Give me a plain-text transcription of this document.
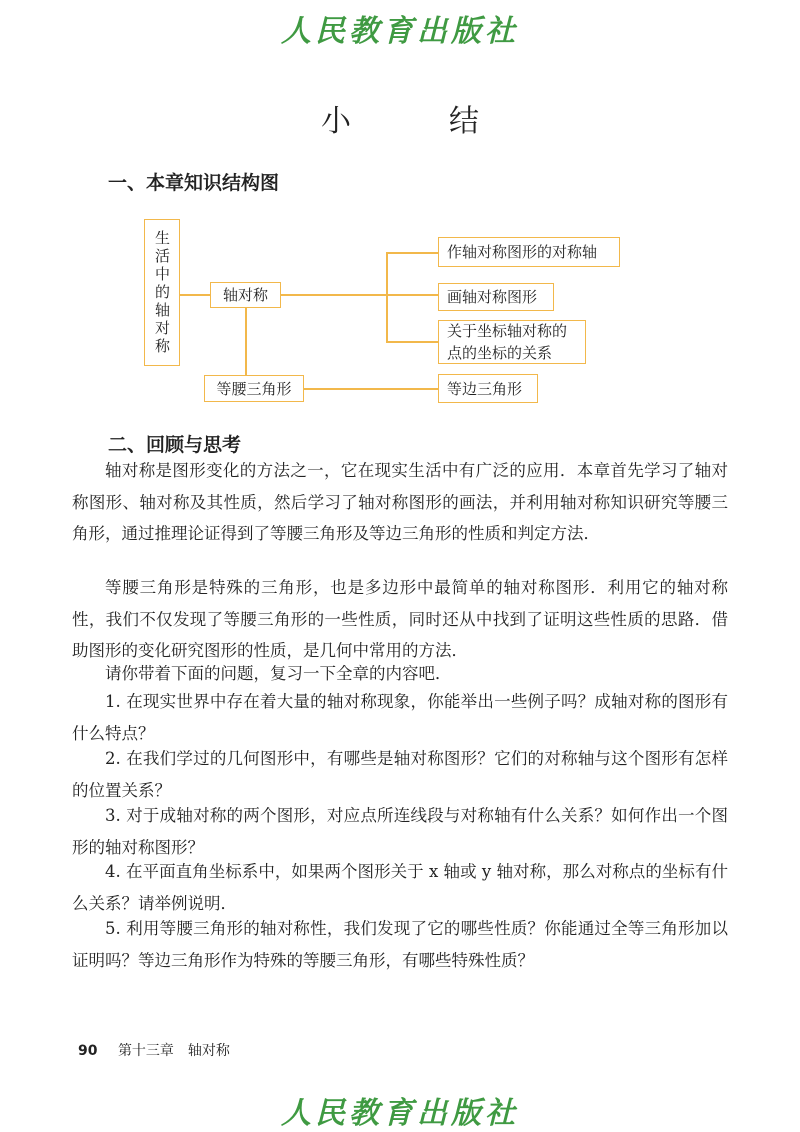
人民教育出版社
小　结
一、本章知识结构图
生活中的轴对称	轴对称
等腰三角形
作轴对称图形的对称轴
画轴对称图形
关于坐标轴对称的
点的坐标的关系
等边三角形
二、回顾与思考

轴对称是图形变化的方法之一，它在现实生活中有广泛的应用．本章首先学习了轴对称图形、轴对称及其性质，然后学习了轴对称图形的画法，并利用轴对称知识研究等腰三角形，通过推理论证得到了等腰三角形及等边三角形的性质和判定方法．

等腰三角形是特殊的三角形，也是多边形中最简单的轴对称图形．利用它的轴对称性，我们不仅发现了等腰三角形的一些性质，同时还从中找到了证明这些性质的思路．借助图形的变化研究图形的性质，是几何中常用的方法．

请你带着下面的问题，复习一下全章的内容吧．

1. 在现实世界中存在着大量的轴对称现象，你能举出一些例子吗？成轴对称的图形有什么特点？

2. 在我们学过的几何图形中，有哪些是轴对称图形？它们的对称轴与这个图形有怎样的位置关系？

3. 对于成轴对称的两个图形，对应点所连线段与对称轴有什么关系？如何作出一个图形的轴对称图形？

4. 在平面直角坐标系中，如果两个图形关于 x 轴或 y 轴对称，那么对称点的坐标有什么关系？请举例说明．

5. 利用等腰三角形的轴对称性，我们发现了它的哪些性质？你能通过全等三角形加以证明吗？等边三角形作为特殊的等腰三角形，有哪些特殊性质？

90 第十三章　轴对称
人民教育出版社
